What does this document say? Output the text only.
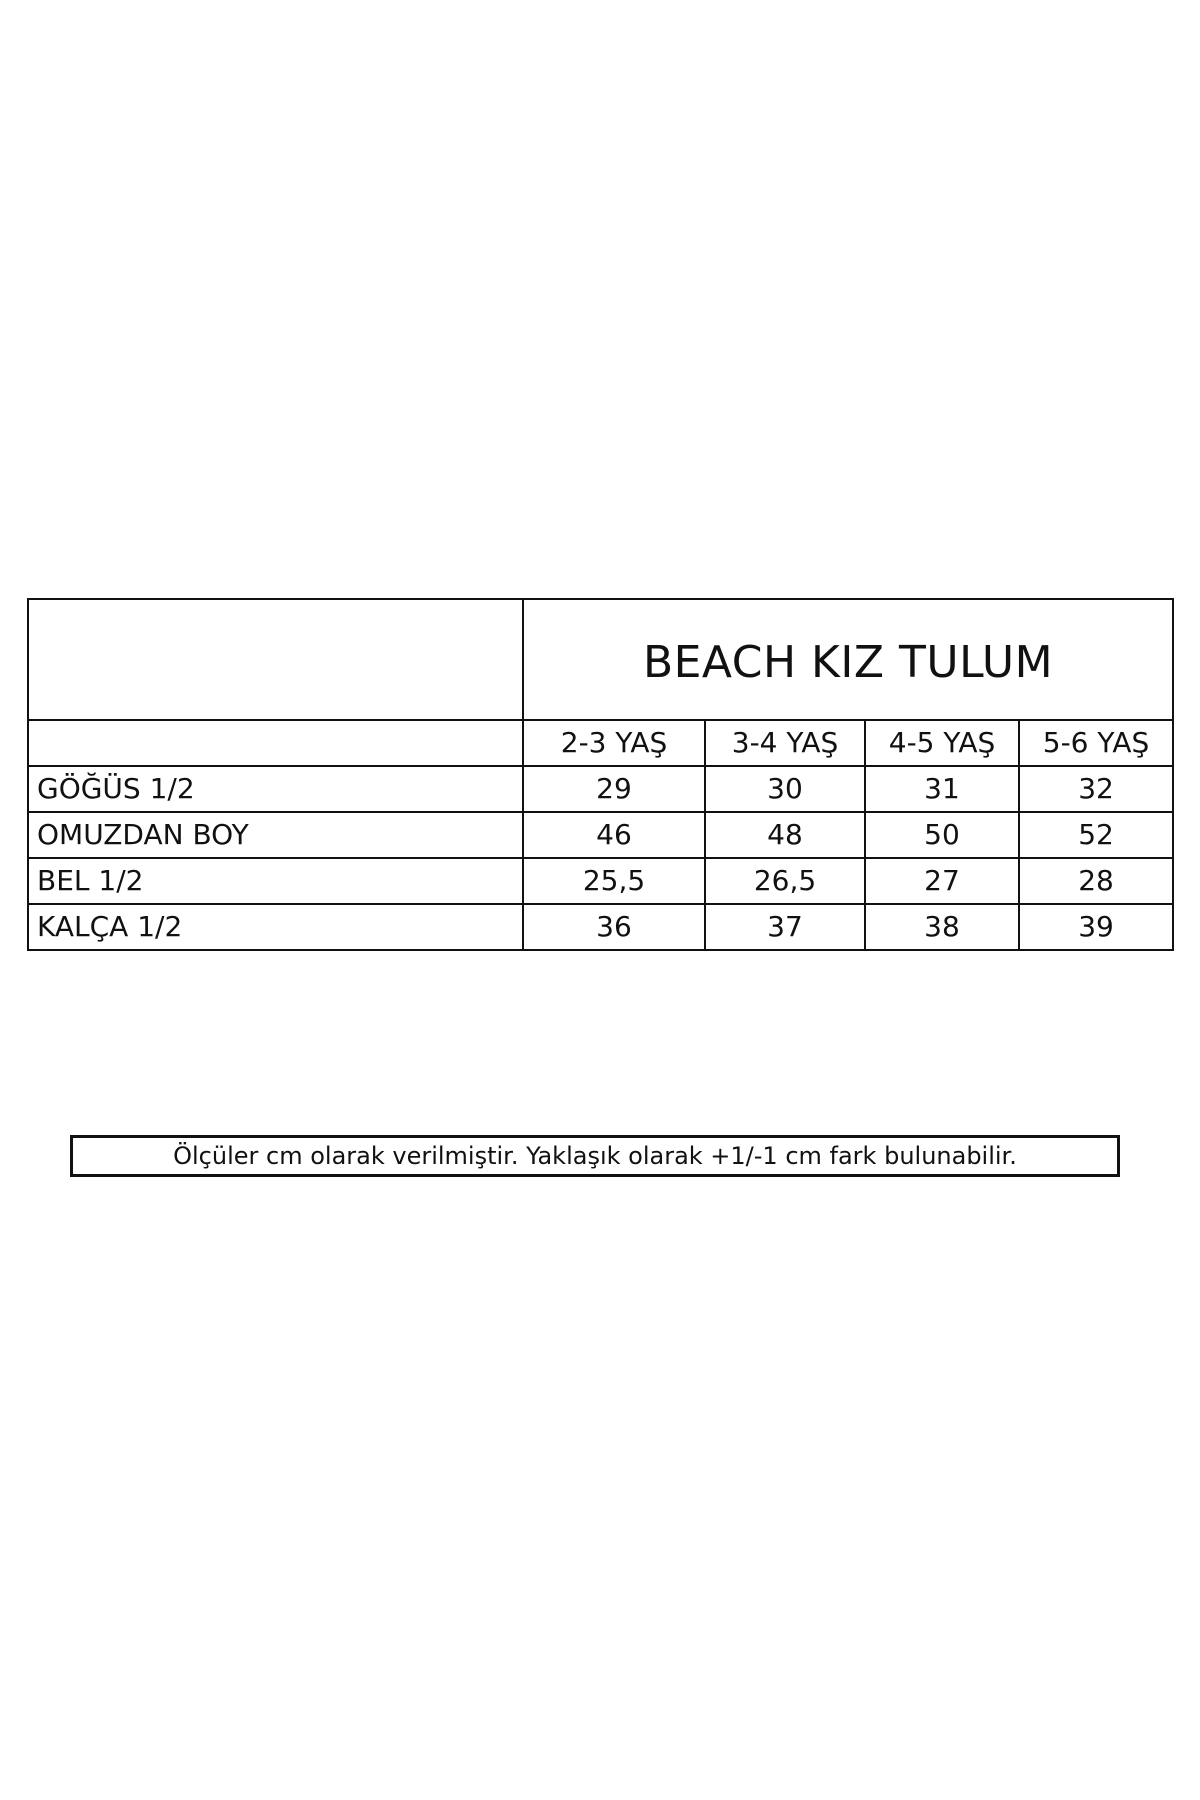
	BEACH KIZ TULUM			
	2-3 YAŞ	3-4 YAŞ	4-5 YAŞ	5-6 YAŞ
GÖĞÜS 1/2	29	30	31	32
OMUZDAN BOY	46	48	50	52
BEL 1/2	25,5	26,5	27	28
KALÇA 1/2	36	37	38	39
Ölçüler cm olarak verilmiştir. Yaklaşık olarak +1/-1 cm fark bulunabilir.
